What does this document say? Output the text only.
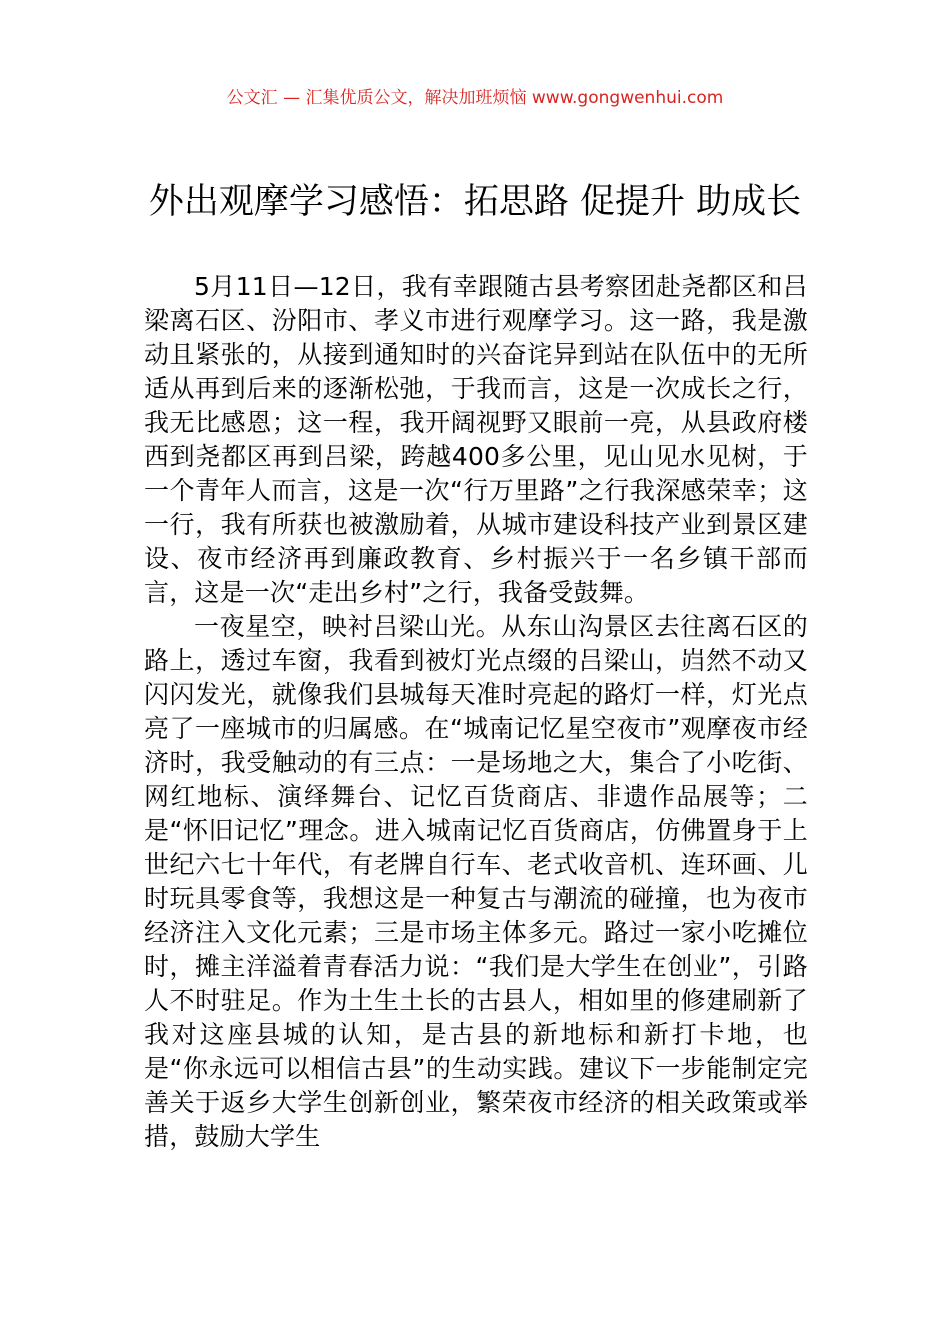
公文汇 — 汇集优质公文，解决加班烦恼 www.gongwenhui.com
外出观摩学习感悟：拓思路 促提升 助成长

5月11日—12日，我有幸跟随古县考察团赴尧都区和吕梁离石区、汾阳市、孝义市进行观摩学习。这一路，我是激动且紧张的，从接到通知时的兴奋诧异到站在队伍中的无所适从再到后来的逐渐松弛，于我而言，这是一次成长之行，我无比感恩；这一程，我开阔视野又眼前一亮，从县政府楼西到尧都区再到吕梁，跨越400多公里，见山见水见树，于一个青年人而言，这是一次“行万里路”之行我深感荣幸；这一行，我有所获也被激励着，从城市建设科技产业到景区建设、夜市经济再到廉政教育、乡村振兴于一名乡镇干部而言，这是一次“走出乡村”之行，我备受鼓舞。

一夜星空，映衬吕梁山光。从东山沟景区去往离石区的路上，透过车窗，我看到被灯光点缀的吕梁山，岿然不动又闪闪发光，就像我们县城每天准时亮起的路灯一样，灯光点亮了一座城市的归属感。在“城南记忆星空夜市”观摩夜市经济时，我受触动的有三点：一是场地之大，集合了小吃街、网红地标、演绎舞台、记忆百货商店、非遗作品展等；二是“怀旧记忆”理念。进入城南记忆百货商店，仿佛置身于上世纪六七十年代，有老牌自行车、老式收音机、连环画、儿时玩具零食等，我想这是一种复古与潮流的碰撞，也为夜市经济注入文化元素；三是市场主体多元。路过一家小吃摊位时，摊主洋溢着青春活力说：“我们是大学生在创业”，引路人不时驻足。作为土生土长的古县人，相如里的修建刷新了我对这座县城的认知，是古县的新地标和新打卡地，也是“你永远可以相信古县”的生动实践。建议下一步能制定完善关于返乡大学生创新创业，繁荣夜市经济的相关政策或举措，鼓励大学生
